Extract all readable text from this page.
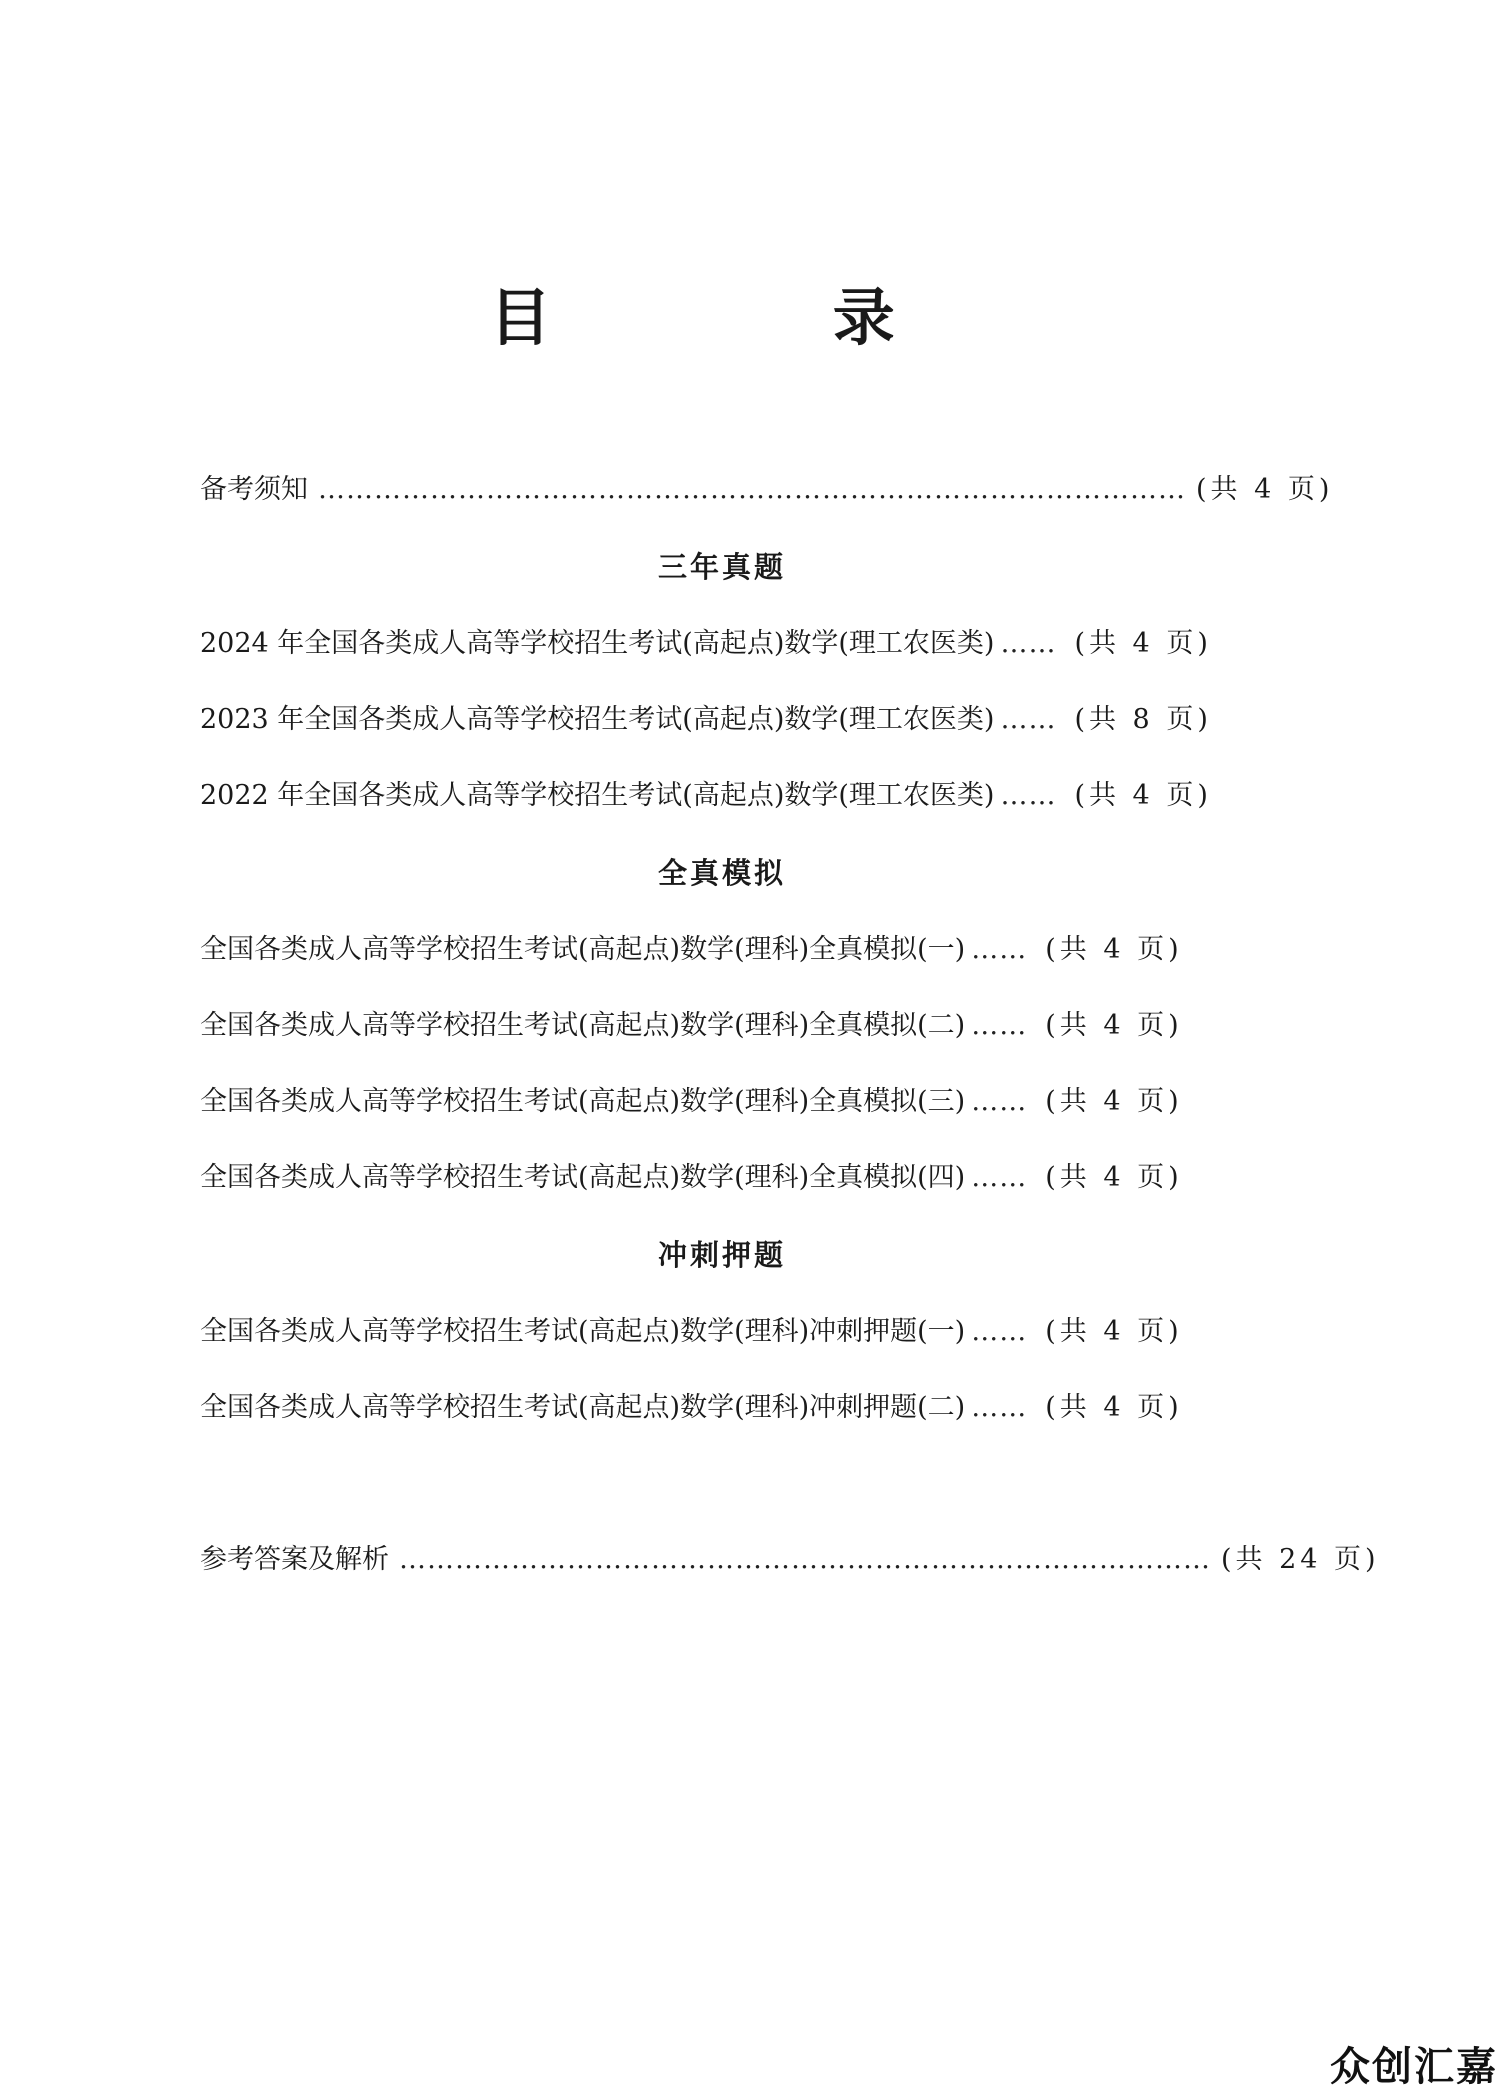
目 录
备考须知 ………………………………………………………………………………… (共 4 页)
三年真题
2024 年全国各类成人高等学校招生考试(高起点)数学(理工农医类) …… (共 4 页)
2023 年全国各类成人高等学校招生考试(高起点)数学(理工农医类) …… (共 8 页)
2022 年全国各类成人高等学校招生考试(高起点)数学(理工农医类) …… (共 4 页)
全真模拟
全国各类成人高等学校招生考试(高起点)数学(理科)全真模拟(一) …… (共 4 页)
全国各类成人高等学校招生考试(高起点)数学(理科)全真模拟(二) …… (共 4 页)
全国各类成人高等学校招生考试(高起点)数学(理科)全真模拟(三) …… (共 4 页)
全国各类成人高等学校招生考试(高起点)数学(理科)全真模拟(四) …… (共 4 页)
冲刺押题
全国各类成人高等学校招生考试(高起点)数学(理科)冲刺押题(一) …… (共 4 页)
全国各类成人高等学校招生考试(高起点)数学(理科)冲刺押题(二) …… (共 4 页)
参考答案及解析 …………………………………………………………………………… (共 24 页)
众创汇嘉
